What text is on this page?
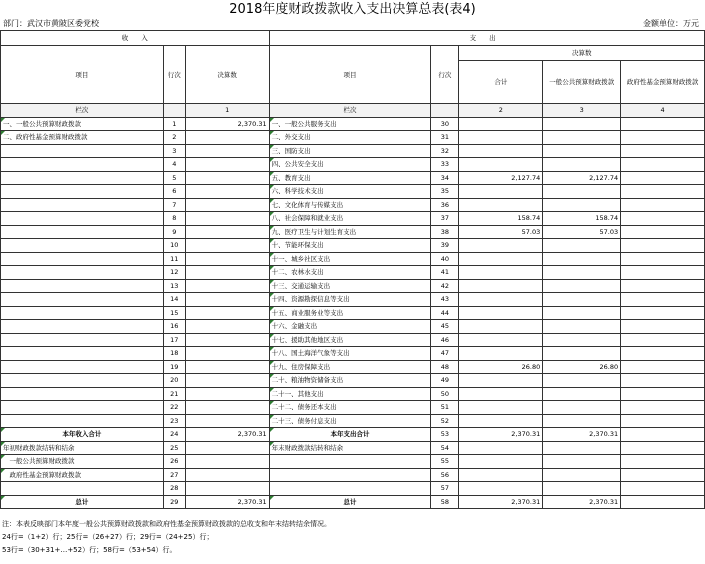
2018年度财政拨款收入支出决算总表(表4)
部门：武汉市黄陂区委党校	金额单位：万元
收　　入			支　　出				
项目	行次	决算数	项目	行次	决算数		
					合计	一般公共预算财政拨款	政府性基金预算财政拨款
栏次		1	栏次		2	3	4
一、一般公共预算财政拨款	1	2,370.31	一、一般公共服务支出	30			
二、政府性基金预算财政拨款	2		二、外交支出	31			
	3		三、国防支出	32			
	4		四、公共安全支出	33			
	5		五、教育支出	34	2,127.74	2,127.74	
	6		六、科学技术支出	35			
	7		七、文化体育与传媒支出	36			
	8		八、社会保障和就业支出	37	158.74	158.74	
	9		九、医疗卫生与计划生育支出	38	57.03	57.03	
	10		十、节能环保支出	39			
	11		十一、城乡社区支出	40			
	12		十二、农林水支出	41			
	13		十三、交通运输支出	42			
	14		十四、资源勘探信息等支出	43			
	15		十五、商业服务业等支出	44			
	16		十六、金融支出	45			
	17		十七、援助其他地区支出	46			
	18		十八、国土海洋气象等支出	47			
	19		十九、住房保障支出	48	26.80	26.80	
	20		二十、粮油物资储备支出	49			
	21		二十一、其他支出	50			
	22		二十二、债务还本支出	51			
	23		二十三、债务付息支出	52			
本年收入合计	24	2,370.31	本年支出合计	53	2,370.31	2,370.31	
年初财政拨款结转和结余	25		年末财政拨款结转和结余	54			
　一般公共预算财政拨款	26			55			
　政府性基金预算财政拨款	27			56			
	28			57			
总计	29	2,370.31	总计	58	2,370.31	2,370.31	
注：本表反映部门本年度一般公共预算财政拨款和政府性基金预算财政拨款的总收支和年末结转结余情况。
24行=（1+2）行；25行=（26+27）行；29行=（24+25）行；
53行=（30+31+…+52）行；58行=（53+54）行。
